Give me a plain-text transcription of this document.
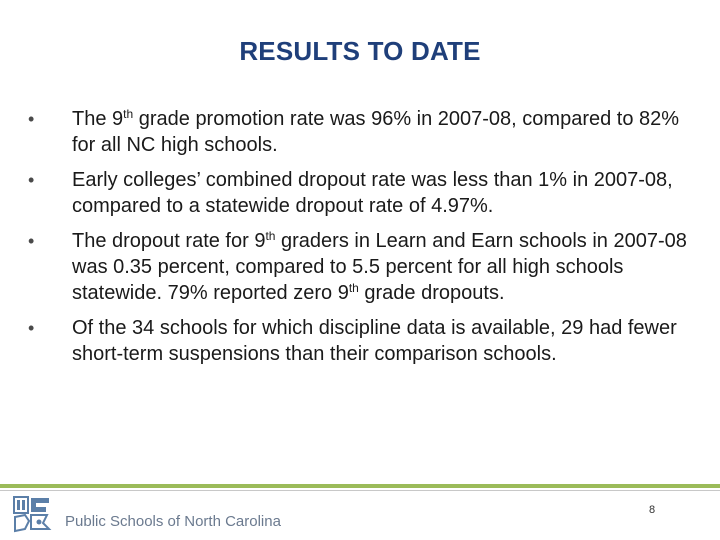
RESULTS TO DATE
•	The 9th grade promotion rate was 96% in 2007-08, compared to 82% for all NC high schools.
•	Early colleges’ combined dropout rate was less than 1% in 2007-08, compared to a statewide dropout rate of 4.97%.
•	The dropout rate for 9th graders in Learn and Earn schools in 2007-08 was 0.35 percent, compared to 5.5 percent for all high schools statewide. 79% reported zero 9th grade dropouts.
•	Of the 34 schools for which discipline data is available, 29 had fewer short-term suspensions than their comparison schools.
Public Schools of North Carolina
8
